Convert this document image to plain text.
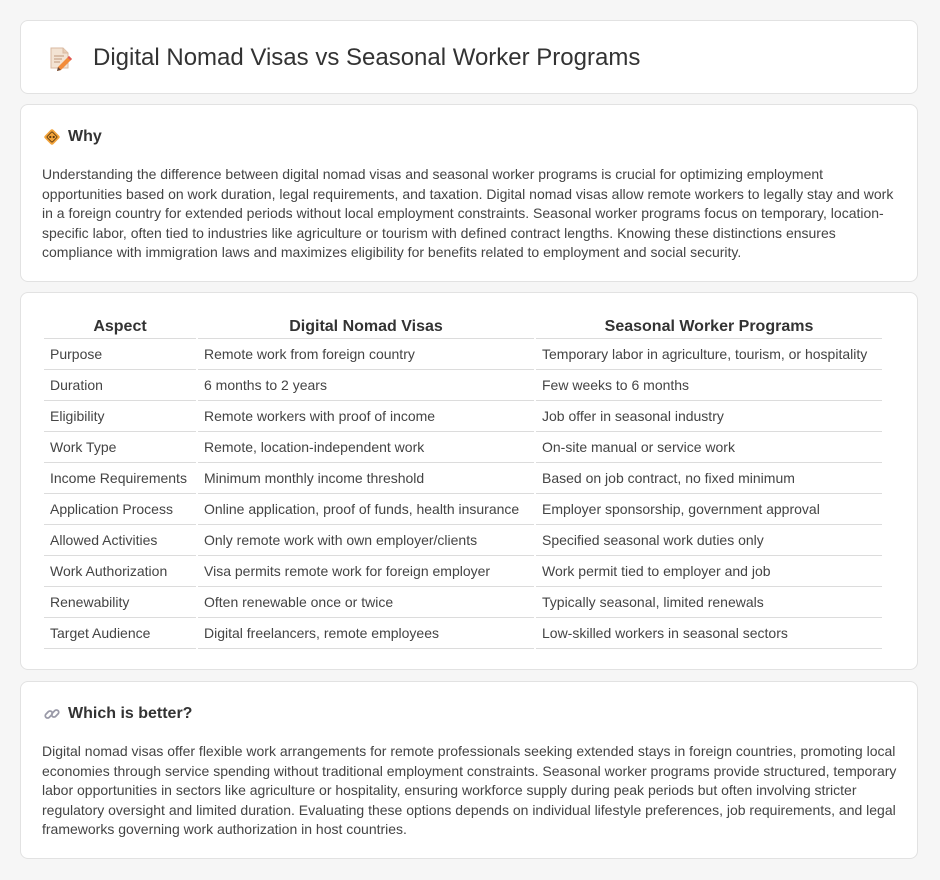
Digital Nomad Visas vs Seasonal Worker Programs
Why

Understanding the difference between digital nomad visas and seasonal worker programs is crucial for optimizing employment opportunities based on work duration, legal requirements, and taxation. Digital nomad visas allow remote workers to legally stay and work in a foreign country for extended periods without local employment constraints. Seasonal worker programs focus on temporary, location-specific labor, often tied to industries like agriculture or tourism with defined contract lengths. Knowing these distinctions ensures compliance with immigration laws and maximizes eligibility for benefits related to employment and social security.

Aspect	Digital Nomad Visas	Seasonal Worker Programs
Purpose	Remote work from foreign country	Temporary labor in agriculture, tourism, or hospitality
Duration	6 months to 2 years	Few weeks to 6 months
Eligibility	Remote workers with proof of income	Job offer in seasonal industry
Work Type	Remote, location-independent work	On-site manual or service work
Income Requirements	Minimum monthly income threshold	Based on job contract, no fixed minimum
Application Process	Online application, proof of funds, health insurance	Employer sponsorship, government approval
Allowed Activities	Only remote work with own employer/clients	Specified seasonal work duties only
Work Authorization	Visa permits remote work for foreign employer	Work permit tied to employer and job
Renewability	Often renewable once or twice	Typically seasonal, limited renewals
Target Audience	Digital freelancers, remote employees	Low-skilled workers in seasonal sectors
Which is better?

Digital nomad visas offer flexible work arrangements for remote professionals seeking extended stays in foreign countries, promoting local economies through service spending without traditional employment constraints. Seasonal worker programs provide structured, temporary labor opportunities in sectors like agriculture or hospitality, ensuring workforce supply during peak periods but often involving stricter regulatory oversight and limited duration. Evaluating these options depends on individual lifestyle preferences, job requirements, and legal frameworks governing work authorization in host countries.
